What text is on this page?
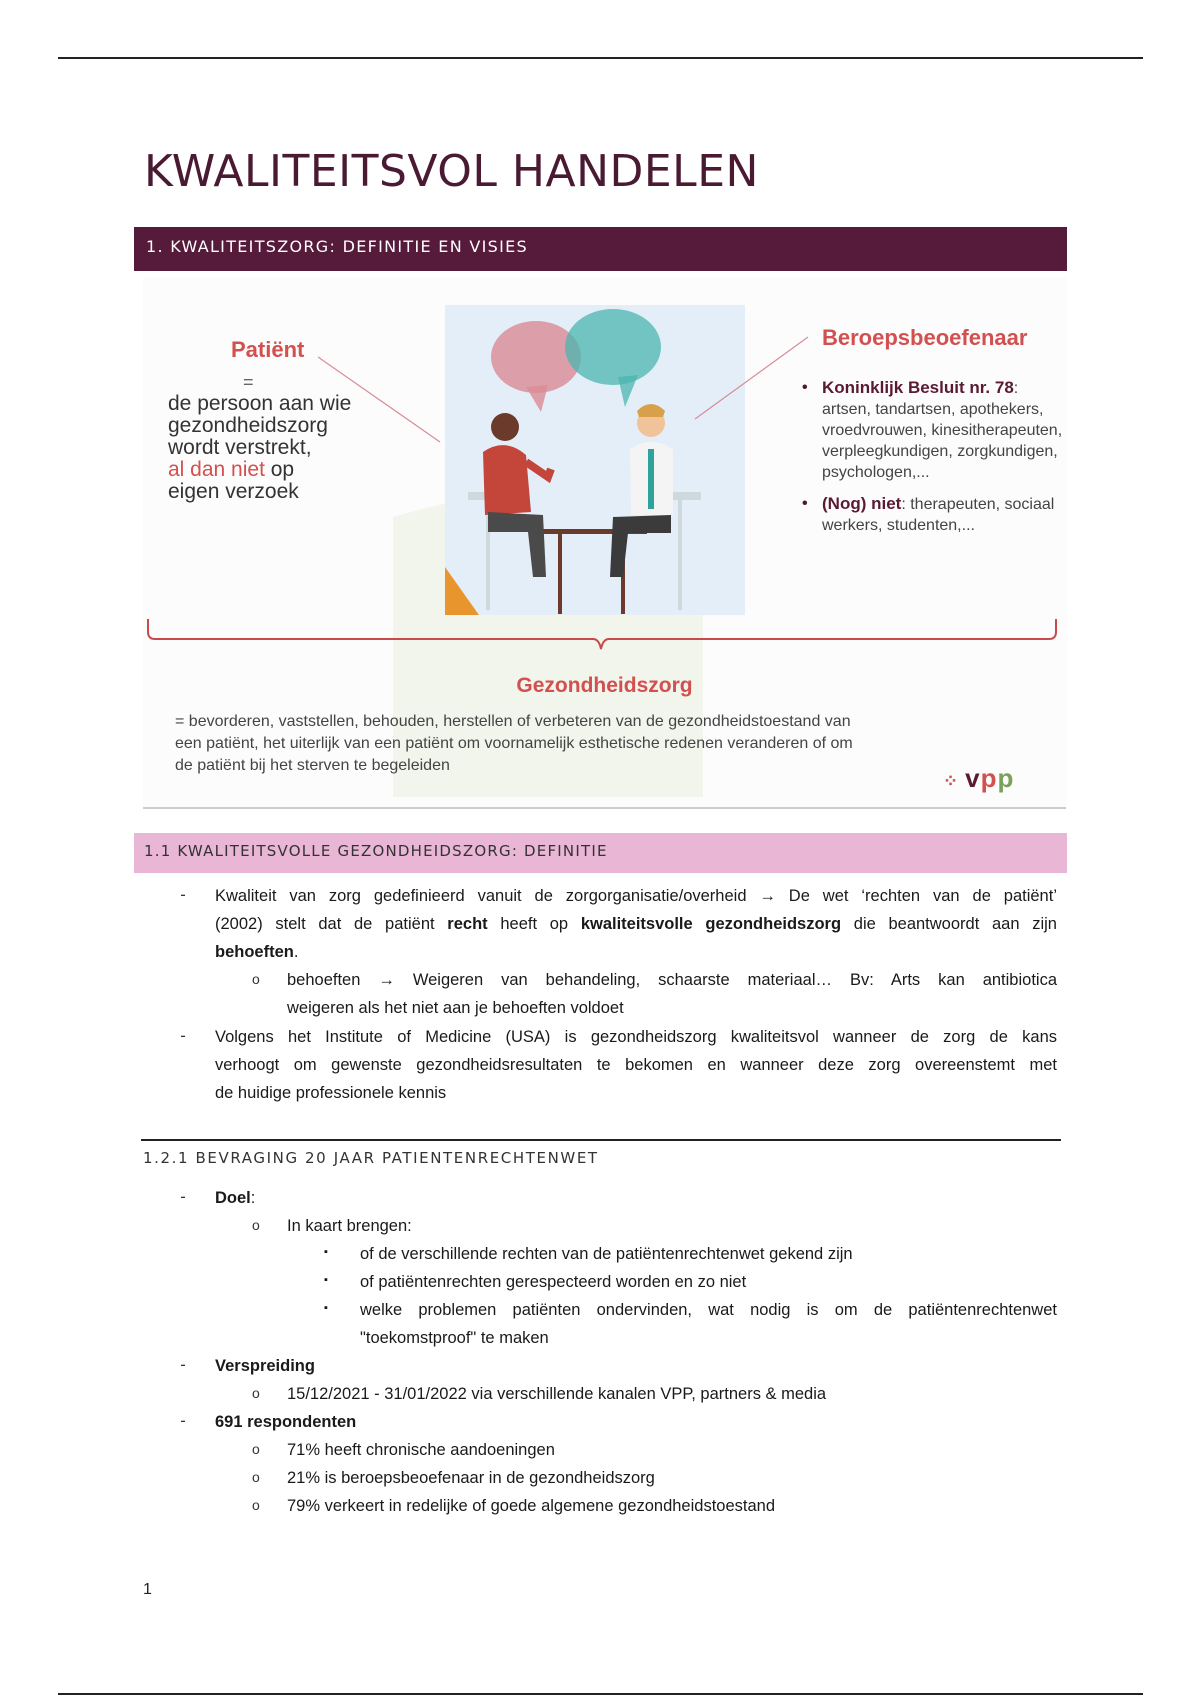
KWALITEITSVOL HANDELEN
1. KWALITEITSZORG: DEFINITIE EN VISIES
Patiënt
=
de persoon aan wie
gezondheidszorg
wordt verstrekt,
al dan niet op
eigen verzoek
Beroepsbeoefenaar
• Koninklijk Besluit nr. 78:
artsen, tandartsen, apothekers, vroedvrouwen, kinesitherapeuten, verpleegkundigen, zorgkundigen, psychologen,...
• (Nog) niet: therapeuten, sociaal werkers, studenten,...
Gezondheidszorg
= bevorderen, vaststellen, behouden, herstellen of verbeteren van de gezondheidstoestand van
een patiënt, het uiterlijk van een patiënt om voornamelijk esthetische redenen veranderen of om
de patiënt bij het sterven te begeleiden
⁘ vpp
1.1 KWALITEITSVOLLE GEZONDHEIDSZORG: DEFINITIE
- Kwaliteit van zorg gedefinieerd vanuit de zorgorganisatie/overheid → De wet ‘rechten van de patiënt’
(2002) stelt dat de patiënt recht heeft op kwaliteitsvolle gezondheidszorg die beantwoordt aan zijn
behoeften.
o behoeften → Weigeren van behandeling, schaarste materiaal… Bv: Arts kan antibiotica
weigeren als het niet aan je behoeften voldoet
- Volgens het Institute of Medicine (USA) is gezondheidszorg kwaliteitsvol wanneer de zorg de kans
verhoogt om gewenste gezondheidsresultaten te bekomen en wanneer deze zorg overeenstemt met
de huidige professionele kennis
1.2.1 BEVRAGING 20 JAAR PATIENTENRECHTENWET
- Doel:
o In kaart brengen:
▪ of de verschillende rechten van de patiëntenrechtenwet gekend zijn
▪ of patiëntenrechten gerespecteerd worden en zo niet
▪ welke problemen patiënten ondervinden, wat nodig is om de patiëntenrechtenwet
"toekomstproof" te maken
- Verspreiding
o 15/12/2021 - 31/01/2022 via verschillende kanalen VPP, partners & media
- 691 respondenten
o 71% heeft chronische aandoeningen
o 21% is beroepsbeoefenaar in de gezondheidszorg
o 79% verkeert in redelijke of goede algemene gezondheidstoestand
1
